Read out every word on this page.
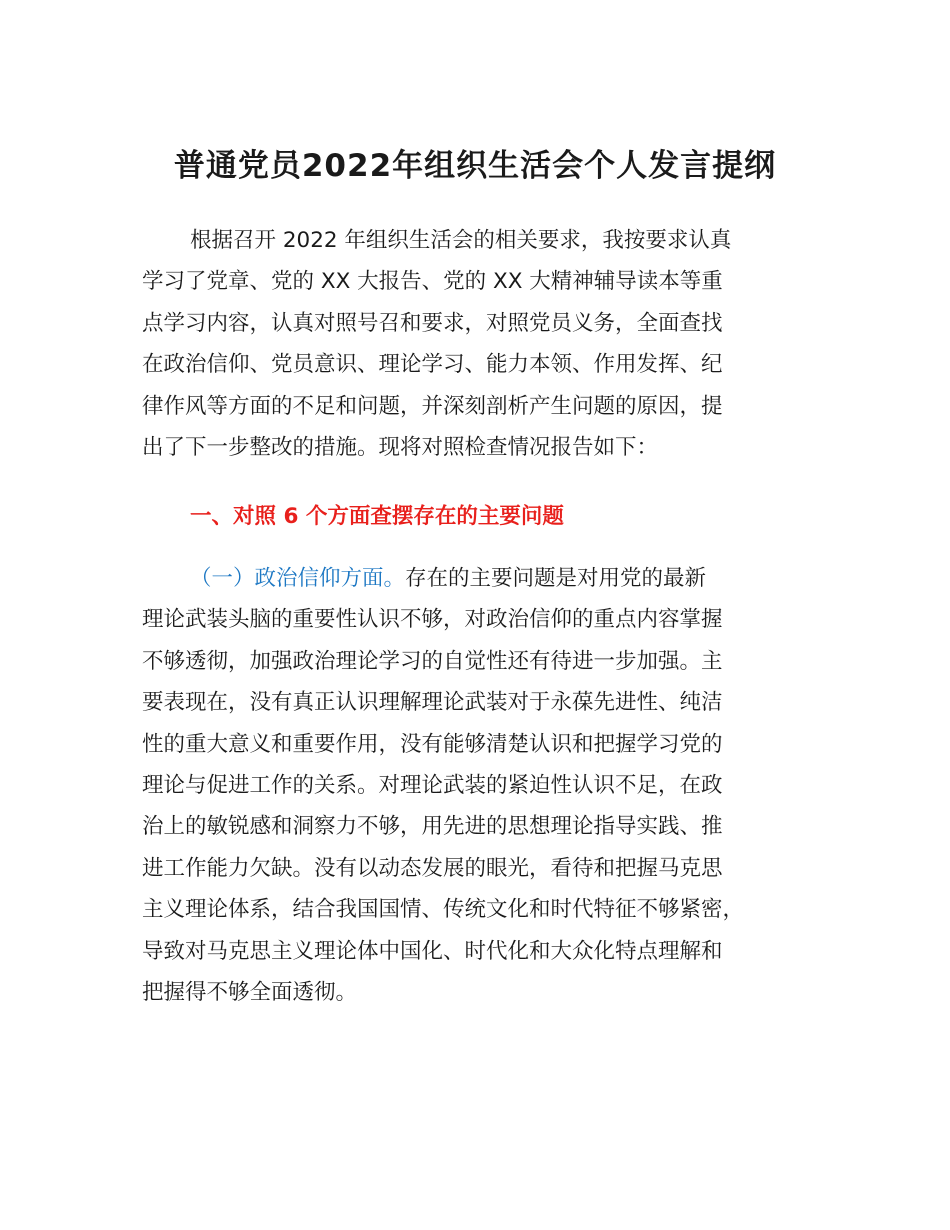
普通党员2022年组织生活会个人发言提纲
根据召开 2022 年组织生活会的相关要求，我按要求认真
学习了党章、党的 XX 大报告、党的 XX 大精神辅导读本等重
点学习内容，认真对照号召和要求，对照党员义务，全面查找
在政治信仰、党员意识、理论学习、能力本领、作用发挥、纪
律作风等方面的不足和问题，并深刻剖析产生问题的原因，提
出了下一步整改的措施。现将对照检查情况报告如下：
一、对照 6 个方面查摆存在的主要问题
（一）政治信仰方面。存在的主要问题是对用党的最新
理论武装头脑的重要性认识不够，对政治信仰的重点内容掌握
不够透彻，加强政治理论学习的自觉性还有待进一步加强。主
要表现在，没有真正认识理解理论武装对于永葆先进性、纯洁
性的重大意义和重要作用，没有能够清楚认识和把握学习党的
理论与促进工作的关系。对理论武装的紧迫性认识不足，在政
治上的敏锐感和洞察力不够，用先进的思想理论指导实践、推
进工作能力欠缺。没有以动态发展的眼光，看待和把握马克思
主义理论体系，结合我国国情、传统文化和时代特征不够紧密，
导致对马克思主义理论体中国化、时代化和大众化特点理解和
把握得不够全面透彻。
